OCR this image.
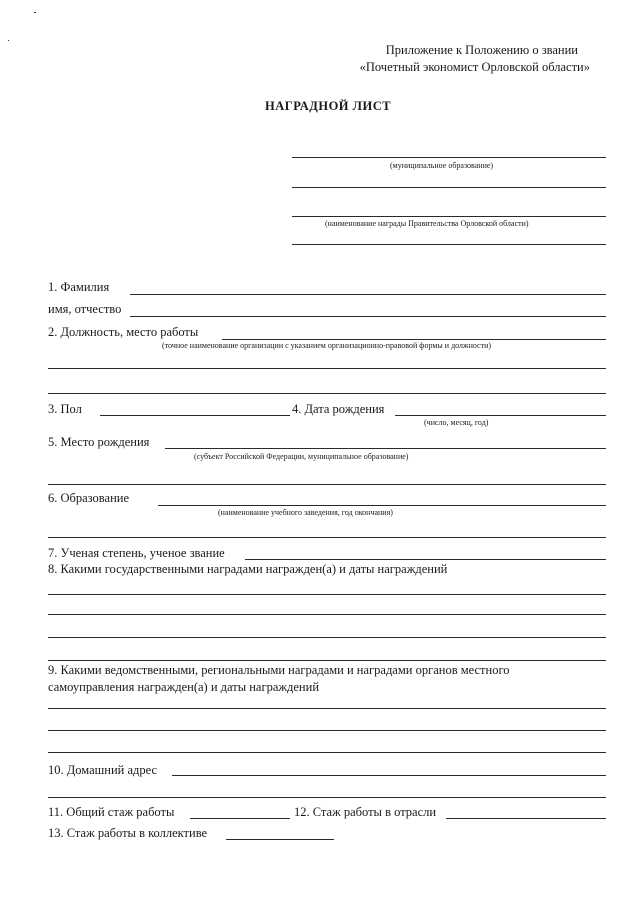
Приложение к Положению о звании
«Почетный экономист Орловской области»
НАГРАДНОЙ ЛИСТ
(муниципальное образование)
(наименование награды Правительства Орловской области)
1. Фамилия
имя, отчество
2. Должность, место работы
(точное наименование организации с указанием организационно-правовой формы и должности)
3. Пол	4. Дата рождения
(число, месяц, год)
5. Место рождения
(субъект Российской Федерации, муниципальное образование)
6. Образование
(наименование учебного заведения, год окончания)
7. Ученая степень, ученое звание
8. Какими государственными наградами награжден(а) и даты награждений
9. Какими ведомственными, региональными наградами и наградами органов местного
самоуправления награжден(а) и даты награждений
10. Домашний адрес
11. Общий стаж работы	12. Стаж работы в отрасли
13. Стаж работы в коллективе
